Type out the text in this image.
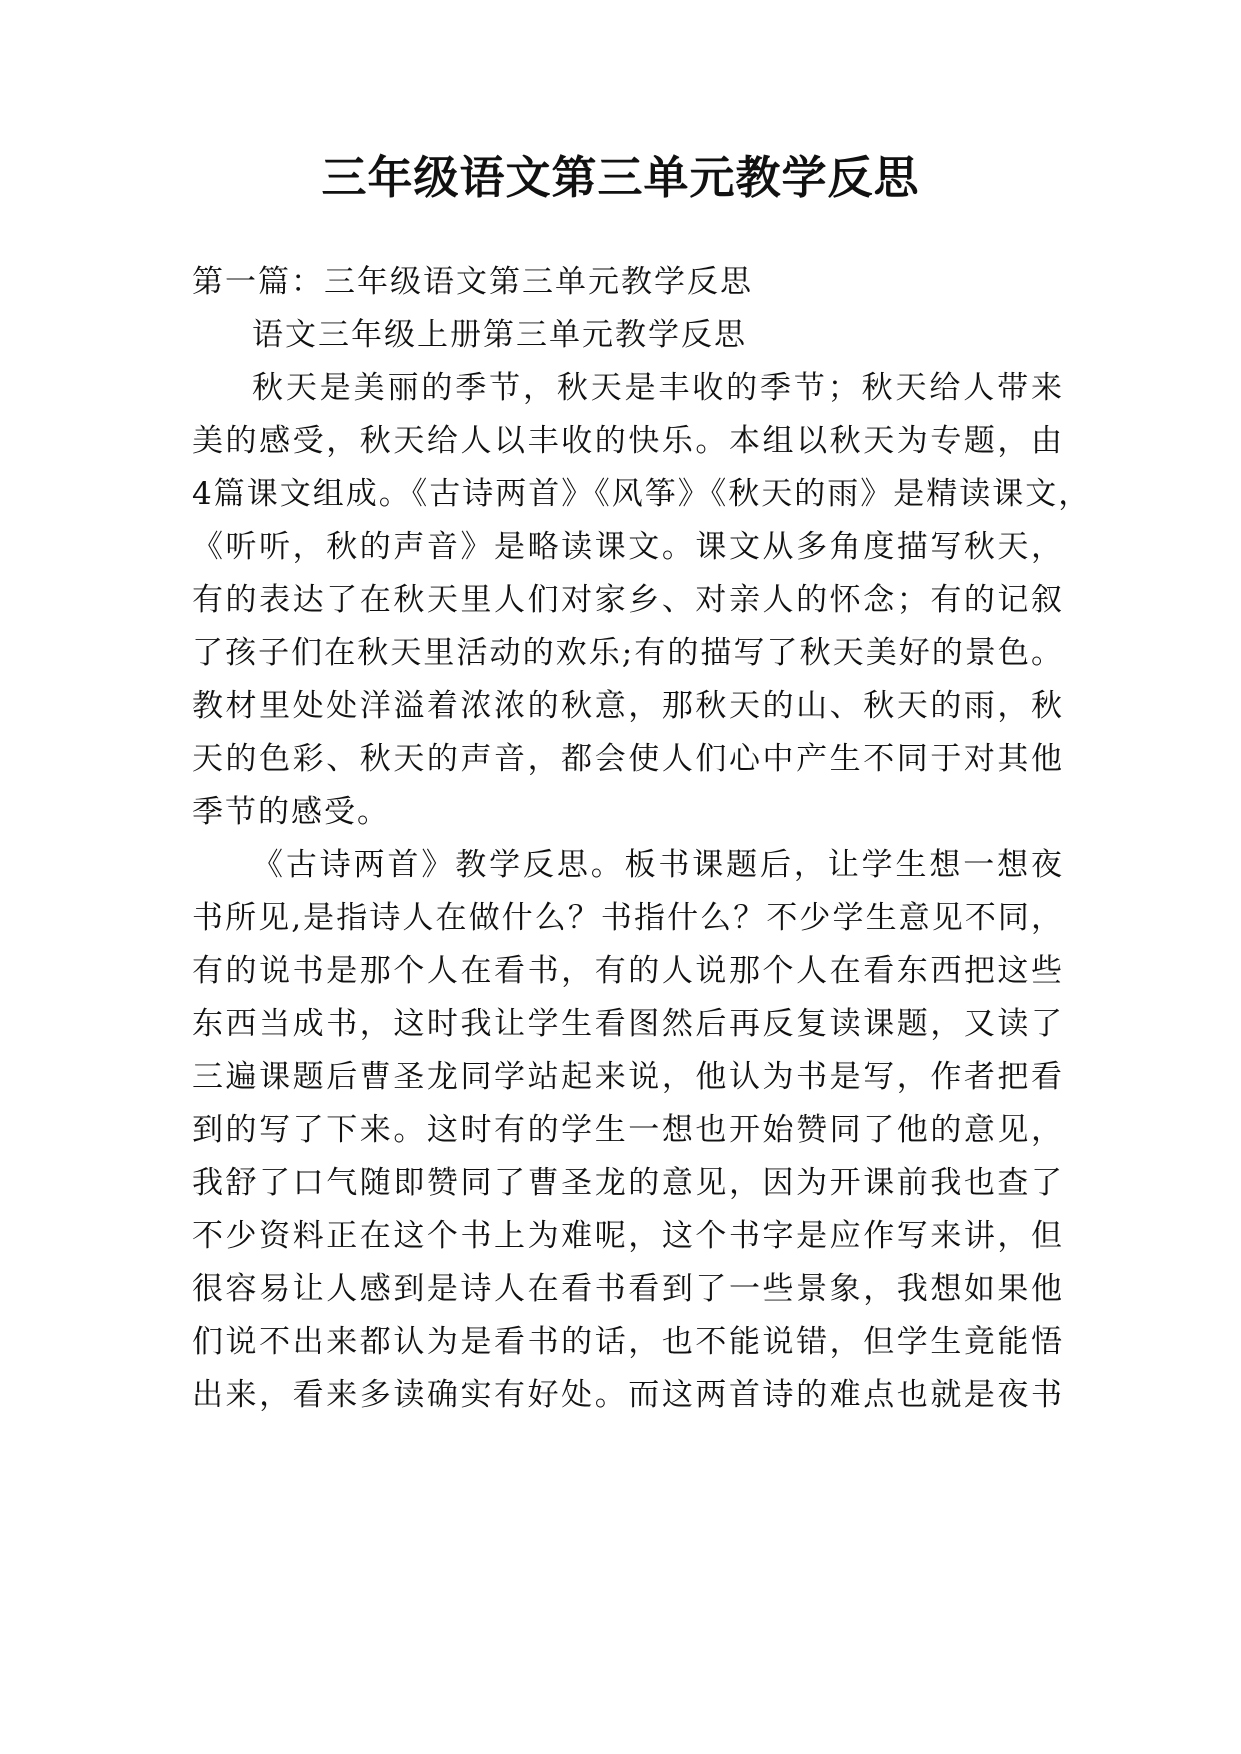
三年级语文第三单元教学反思

第一篇：三年级语文第三单元教学反思

语文三年级上册第三单元教学反思

秋天是美丽的季节，秋天是丰收的季节；秋天给人带来

美的感受，秋天给人以丰收的快乐。本组以秋天为专题，由

4篇课文组成。《古诗两首》《风筝》《秋天的雨》是精读课文，

《听听，秋的声音》是略读课文。课文从多角度描写秋天，

有的表达了在秋天里人们对家乡、对亲人的怀念；有的记叙

了孩子们在秋天里活动的欢乐;有的描写了秋天美好的景色。

教材里处处洋溢着浓浓的秋意，那秋天的山、秋天的雨，秋

天的色彩、秋天的声音，都会使人们心中产生不同于对其他

季节的感受。

《古诗两首》教学反思。板书课题后，让学生想一想夜

书所见,是指诗人在做什么？书指什么？不少学生意见不同，

有的说书是那个人在看书，有的人说那个人在看东西把这些

东西当成书，这时我让学生看图然后再反复读课题，又读了

三遍课题后曹圣龙同学站起来说，他认为书是写，作者把看

到的写了下来。这时有的学生一想也开始赞同了他的意见，

我舒了口气随即赞同了曹圣龙的意见，因为开课前我也查了

不少资料正在这个书上为难呢，这个书字是应作写来讲，但

很容易让人感到是诗人在看书看到了一些景象，我想如果他

们说不出来都认为是看书的话，也不能说错，但学生竟能悟

出来，看来多读确实有好处。而这两首诗的难点也就是夜书
